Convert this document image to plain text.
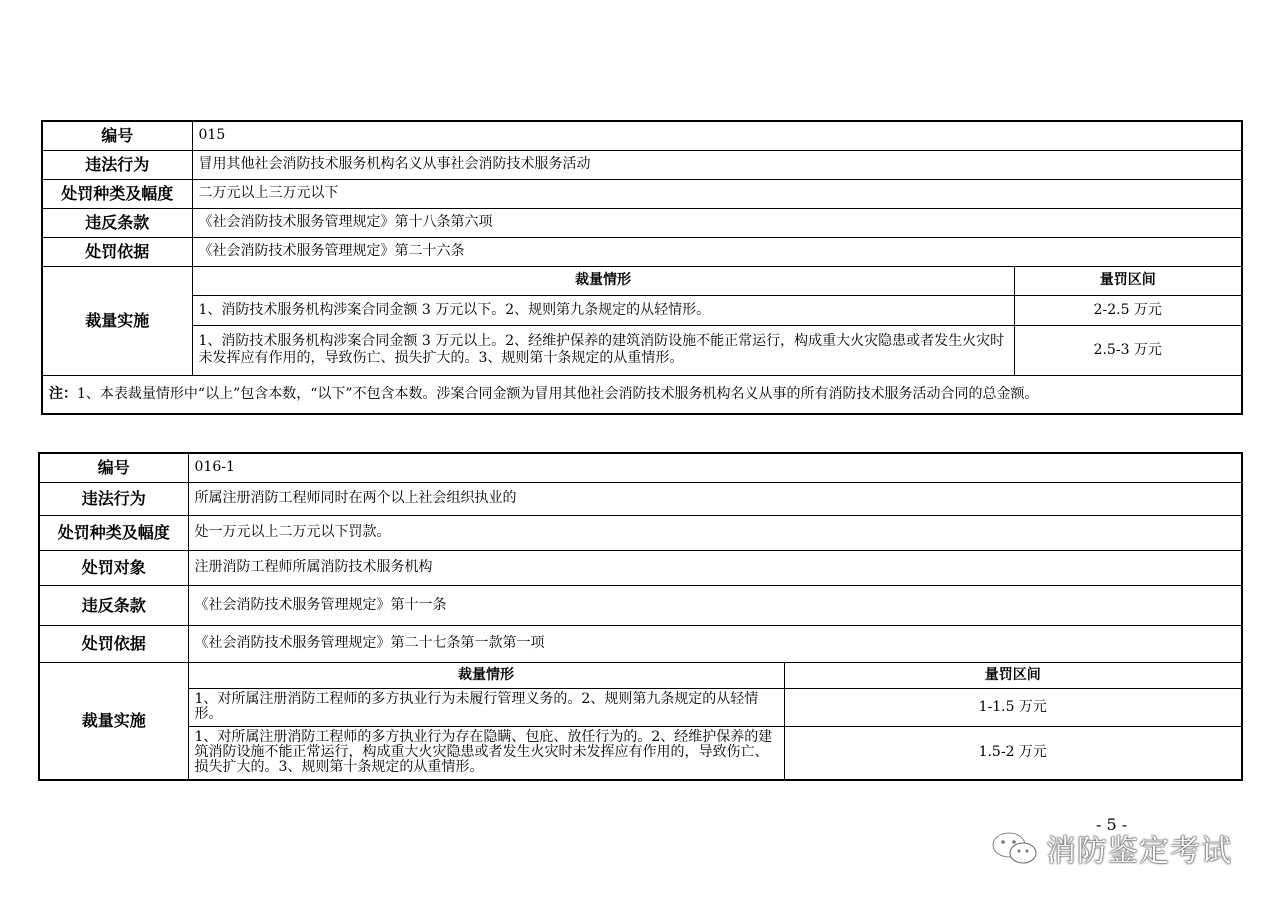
编号	015	
违法行为	冒用其他社会消防技术服务机构名义从事社会消防技术服务活动	
处罚种类及幅度	二万元以上三万元以下	
违反条款	《社会消防技术服务管理规定》第十八条第六项	
处罚依据	《社会消防技术服务管理规定》第二十六条	
裁量实施	裁量情形	量罚区间
	1、消防技术服务机构涉案合同金额 3 万元以下。2、规则第九条规定的从轻情形。	2-2.5 万元
	1、消防技术服务机构涉案合同金额 3 万元以上。2、经维护保养的建筑消防设施不能正常运行，构成重大火灾隐患或者发生火灾时未发挥应有作用的，导致伤亡、损失扩大的。3、规则第十条规定的从重情形。	2.5-3 万元
注：1、本表裁量情形中“以上”包含本数，“以下”不包含本数。涉案合同金额为冒用其他社会消防技术服务机构名义从事的所有消防技术服务活动合同的总金额。		
编号	016-1	
违法行为	所属注册消防工程师同时在两个以上社会组织执业的	
处罚种类及幅度	处一万元以上二万元以下罚款。	
处罚对象	注册消防工程师所属消防技术服务机构	
违反条款	《社会消防技术服务管理规定》第十一条	
处罚依据	《社会消防技术服务管理规定》第二十七条第一款第一项	
裁量实施	裁量情形	量罚区间
	1、对所属注册消防工程师的多方执业行为未履行管理义务的。2、规则第九条规定的从轻情形。	1-1.5 万元
	1、对所属注册消防工程师的多方执业行为存在隐瞒、包庇、放任行为的。2、经维护保养的建筑消防设施不能正常运行，构成重大火灾隐患或者发生火灾时未发挥应有作用的，导致伤亡、损失扩大的。3、规则第十条规定的从重情形。	1.5-2 万元
- 5 -
消防鉴定考试
